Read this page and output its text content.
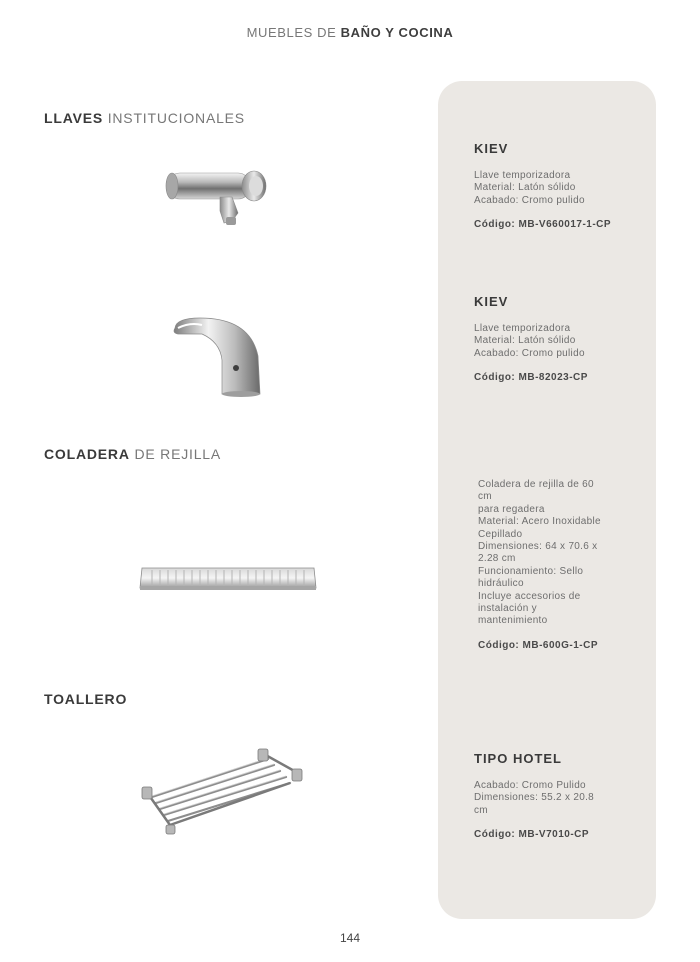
MUEBLES DE BAÑO Y COCINA
LLAVES INSTITUCIONALES
COLADERA DE REJILLA
TOALLERO
KIEV
Llave temporizadora
Material: Latón sólido
Acabado: Cromo pulido
Código: MB-V660017-1-CP
KIEV
Llave temporizadora
Material: Latón sólido
Acabado: Cromo pulido
Código: MB-82023-CP
Coladera de rejilla de 60
cm
para regadera
Material: Acero Inoxidable
Cepillado
Dimensiones: 64 x 70.6 x
2.28 cm
Funcionamiento: Sello
hidráulico
Incluye accesorios de
instalación y
mantenimiento
Código: MB-600G-1-CP
TIPO HOTEL
Acabado: Cromo Pulido
Dimensiones: 55.2 x 20.8
cm
Código: MB-V7010-CP
144
